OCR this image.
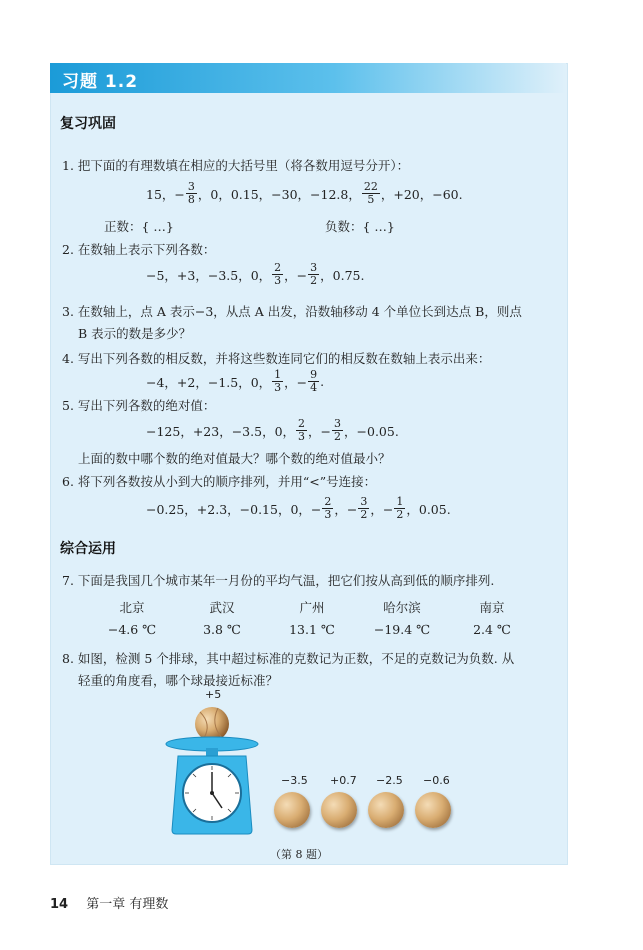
习题 1.2
复习巩固
1. 把下面的有理数填在相应的大括号里（将各数用逗号分开）：
15，− $\frac{3}{8}$ ，0，0.15，−30，−12.8， $\frac{22}{5}$ ，+20，−60.
正数：{ …}	负数：{ …}
2. 在数轴上表示下列各数：
−5，+3，−3.5，0， $\frac{2}{3}$ ，− $\frac{3}{2}$ ，0.75.
3. 在数轴上，点 A 表示−3，从点 A 出发，沿数轴移动 4 个单位长到达点 B，则点
B 表示的数是多少？
4. 写出下列各数的相反数，并将这些数连同它们的相反数在数轴上表示出来：
−4，+2，−1.5，0， $\frac{1}{3}$ ，− $\frac{9}{4}$ .
5. 写出下列各数的绝对值：
−125，+23，−3.5，0， $\frac{2}{3}$ ，− $\frac{3}{2}$ ，−0.05.
上面的数中哪个数的绝对值最大？哪个数的绝对值最小？
6. 将下列各数按从小到大的顺序排列，并用“<”号连接：
−0.25，+2.3，−0.15，0，− $\frac{2}{3}$ ，− $\frac{3}{2}$ ，− $\frac{1}{2}$ ，0.05.
综合运用
7. 下面是我国几个城市某年一月份的平均气温，把它们按从高到低的顺序排列.
北京	武汉	广州	哈尔滨	南京
−4.6 ℃	3.8 ℃	13.1 ℃	−19.4 ℃	2.4 ℃
8. 如图，检测 5 个排球，其中超过标准的克数记为正数，不足的克数记为负数. 从
轻重的角度看，哪个球最接近标准？
+5
−3.5 +0.7 −2.5 −0.6
（第 8 题）
14 第一章 有理数
